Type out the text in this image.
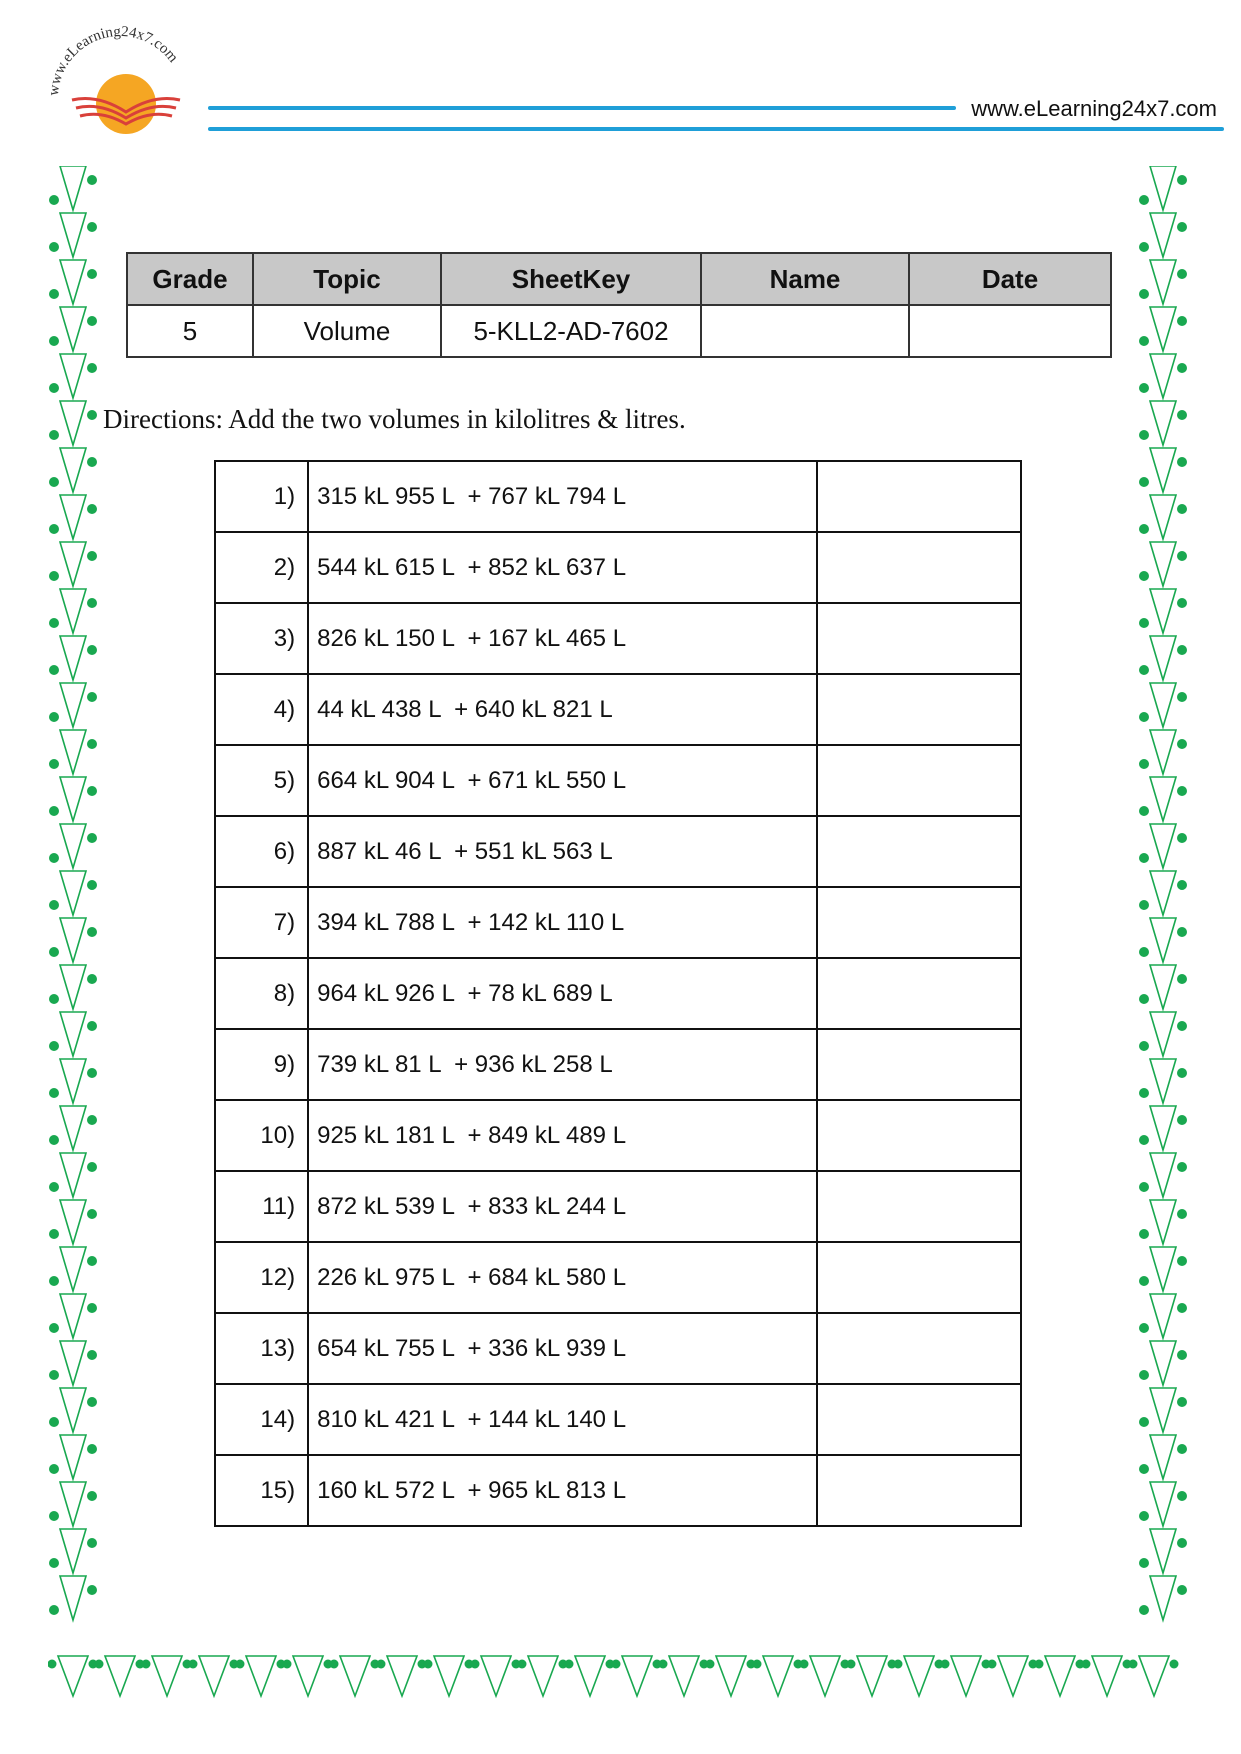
www.eLearning24x7.com
www.eLearning24x7.com
Grade	Topic	SheetKey	Name	Date
5	Volume	5-KLL2-AD-7602		
Directions: Add the two volumes in kilolitres & litres.
1)	315 kL 955 L + 767 kL 794 L	
2)	544 kL 615 L + 852 kL 637 L	
3)	826 kL 150 L + 167 kL 465 L	
4)	44 kL 438 L + 640 kL 821 L	
5)	664 kL 904 L + 671 kL 550 L	
6)	887 kL 46 L + 551 kL 563 L	
7)	394 kL 788 L + 142 kL 110 L	
8)	964 kL 926 L + 78 kL 689 L	
9)	739 kL 81 L + 936 kL 258 L	
10)	925 kL 181 L + 849 kL 489 L	
11)	872 kL 539 L + 833 kL 244 L	
12)	226 kL 975 L + 684 kL 580 L	
13)	654 kL 755 L + 336 kL 939 L	
14)	810 kL 421 L + 144 kL 140 L	
15)	160 kL 572 L + 965 kL 813 L	
